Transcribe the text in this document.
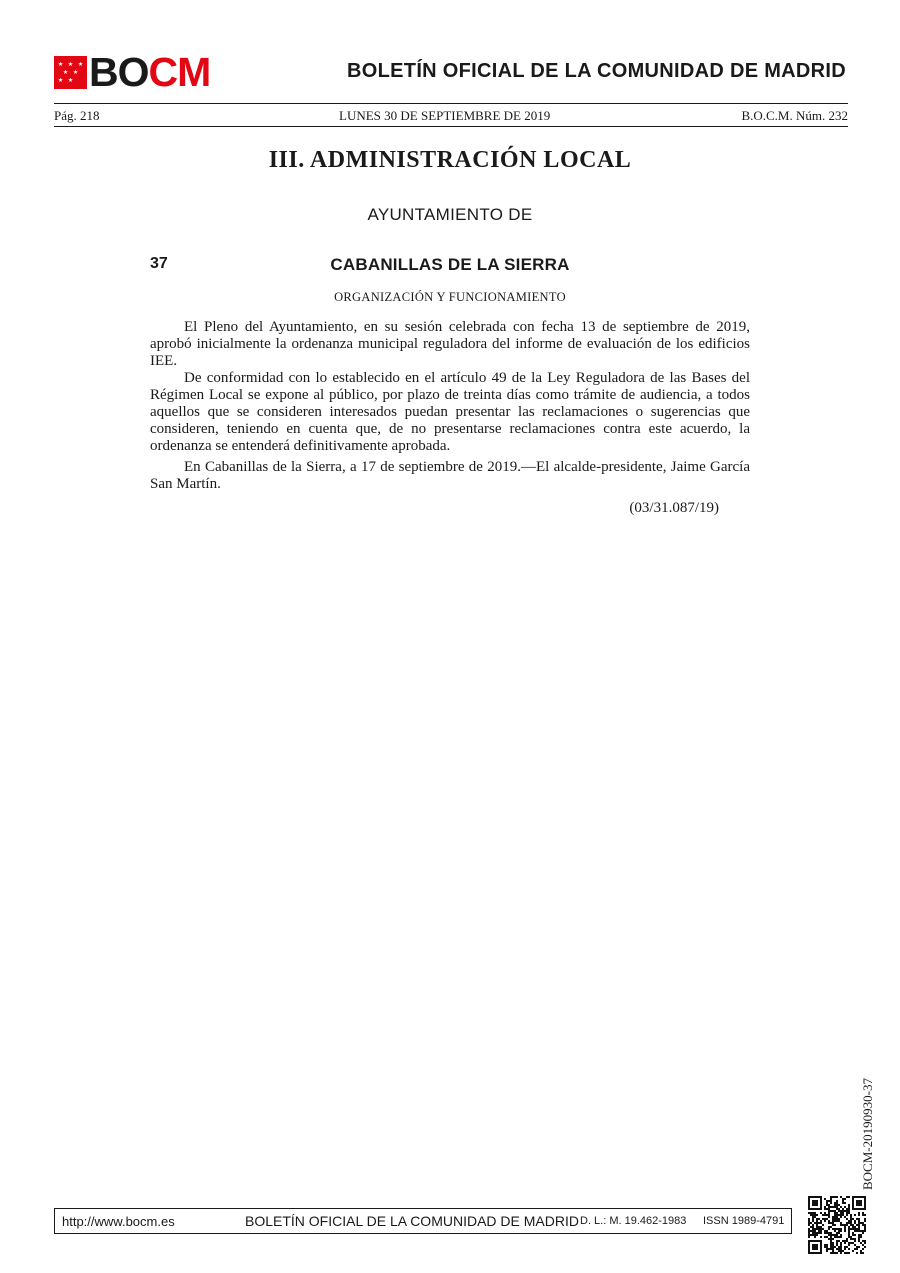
BOCM	BOLETÍN OFICIAL DE LA COMUNIDAD DE MADRID
Pág. 218	LUNES 30 DE SEPTIEMBRE DE 2019	B.O.C.M. Núm. 232
III. ADMINISTRACIÓN LOCAL
AYUNTAMIENTO DE
37	CABANILLAS DE LA SIERRA
ORGANIZACIÓN Y FUNCIONAMIENTO

El Pleno del Ayuntamiento, en su sesión celebrada con fecha 13 de septiembre de 2019, aprobó inicialmente la ordenanza municipal reguladora del informe de evaluación de los edificios IEE.

De conformidad con lo establecido en el artículo 49 de la Ley Reguladora de las Bases del Régimen Local se expone al público, por plazo de treinta días como trámite de audiencia, a todos aquellos que se consideren interesados puedan presentar las reclamaciones o sugerencias que consideren, teniendo en cuenta que, de no presentarse reclamaciones contra este acuerdo, la ordenanza se entenderá definitivamente aprobada.

En Cabanillas de la Sierra, a 17 de septiembre de 2019.—El alcalde-presidente, Jaime García San Martín.

(03/31.087/19)
BOCM-20190930-37
http://www.bocm.es	BOLETÍN OFICIAL DE LA COMUNIDAD DE MADRID D. L.: M. 19.462-1983 ISSN 1989-4791
